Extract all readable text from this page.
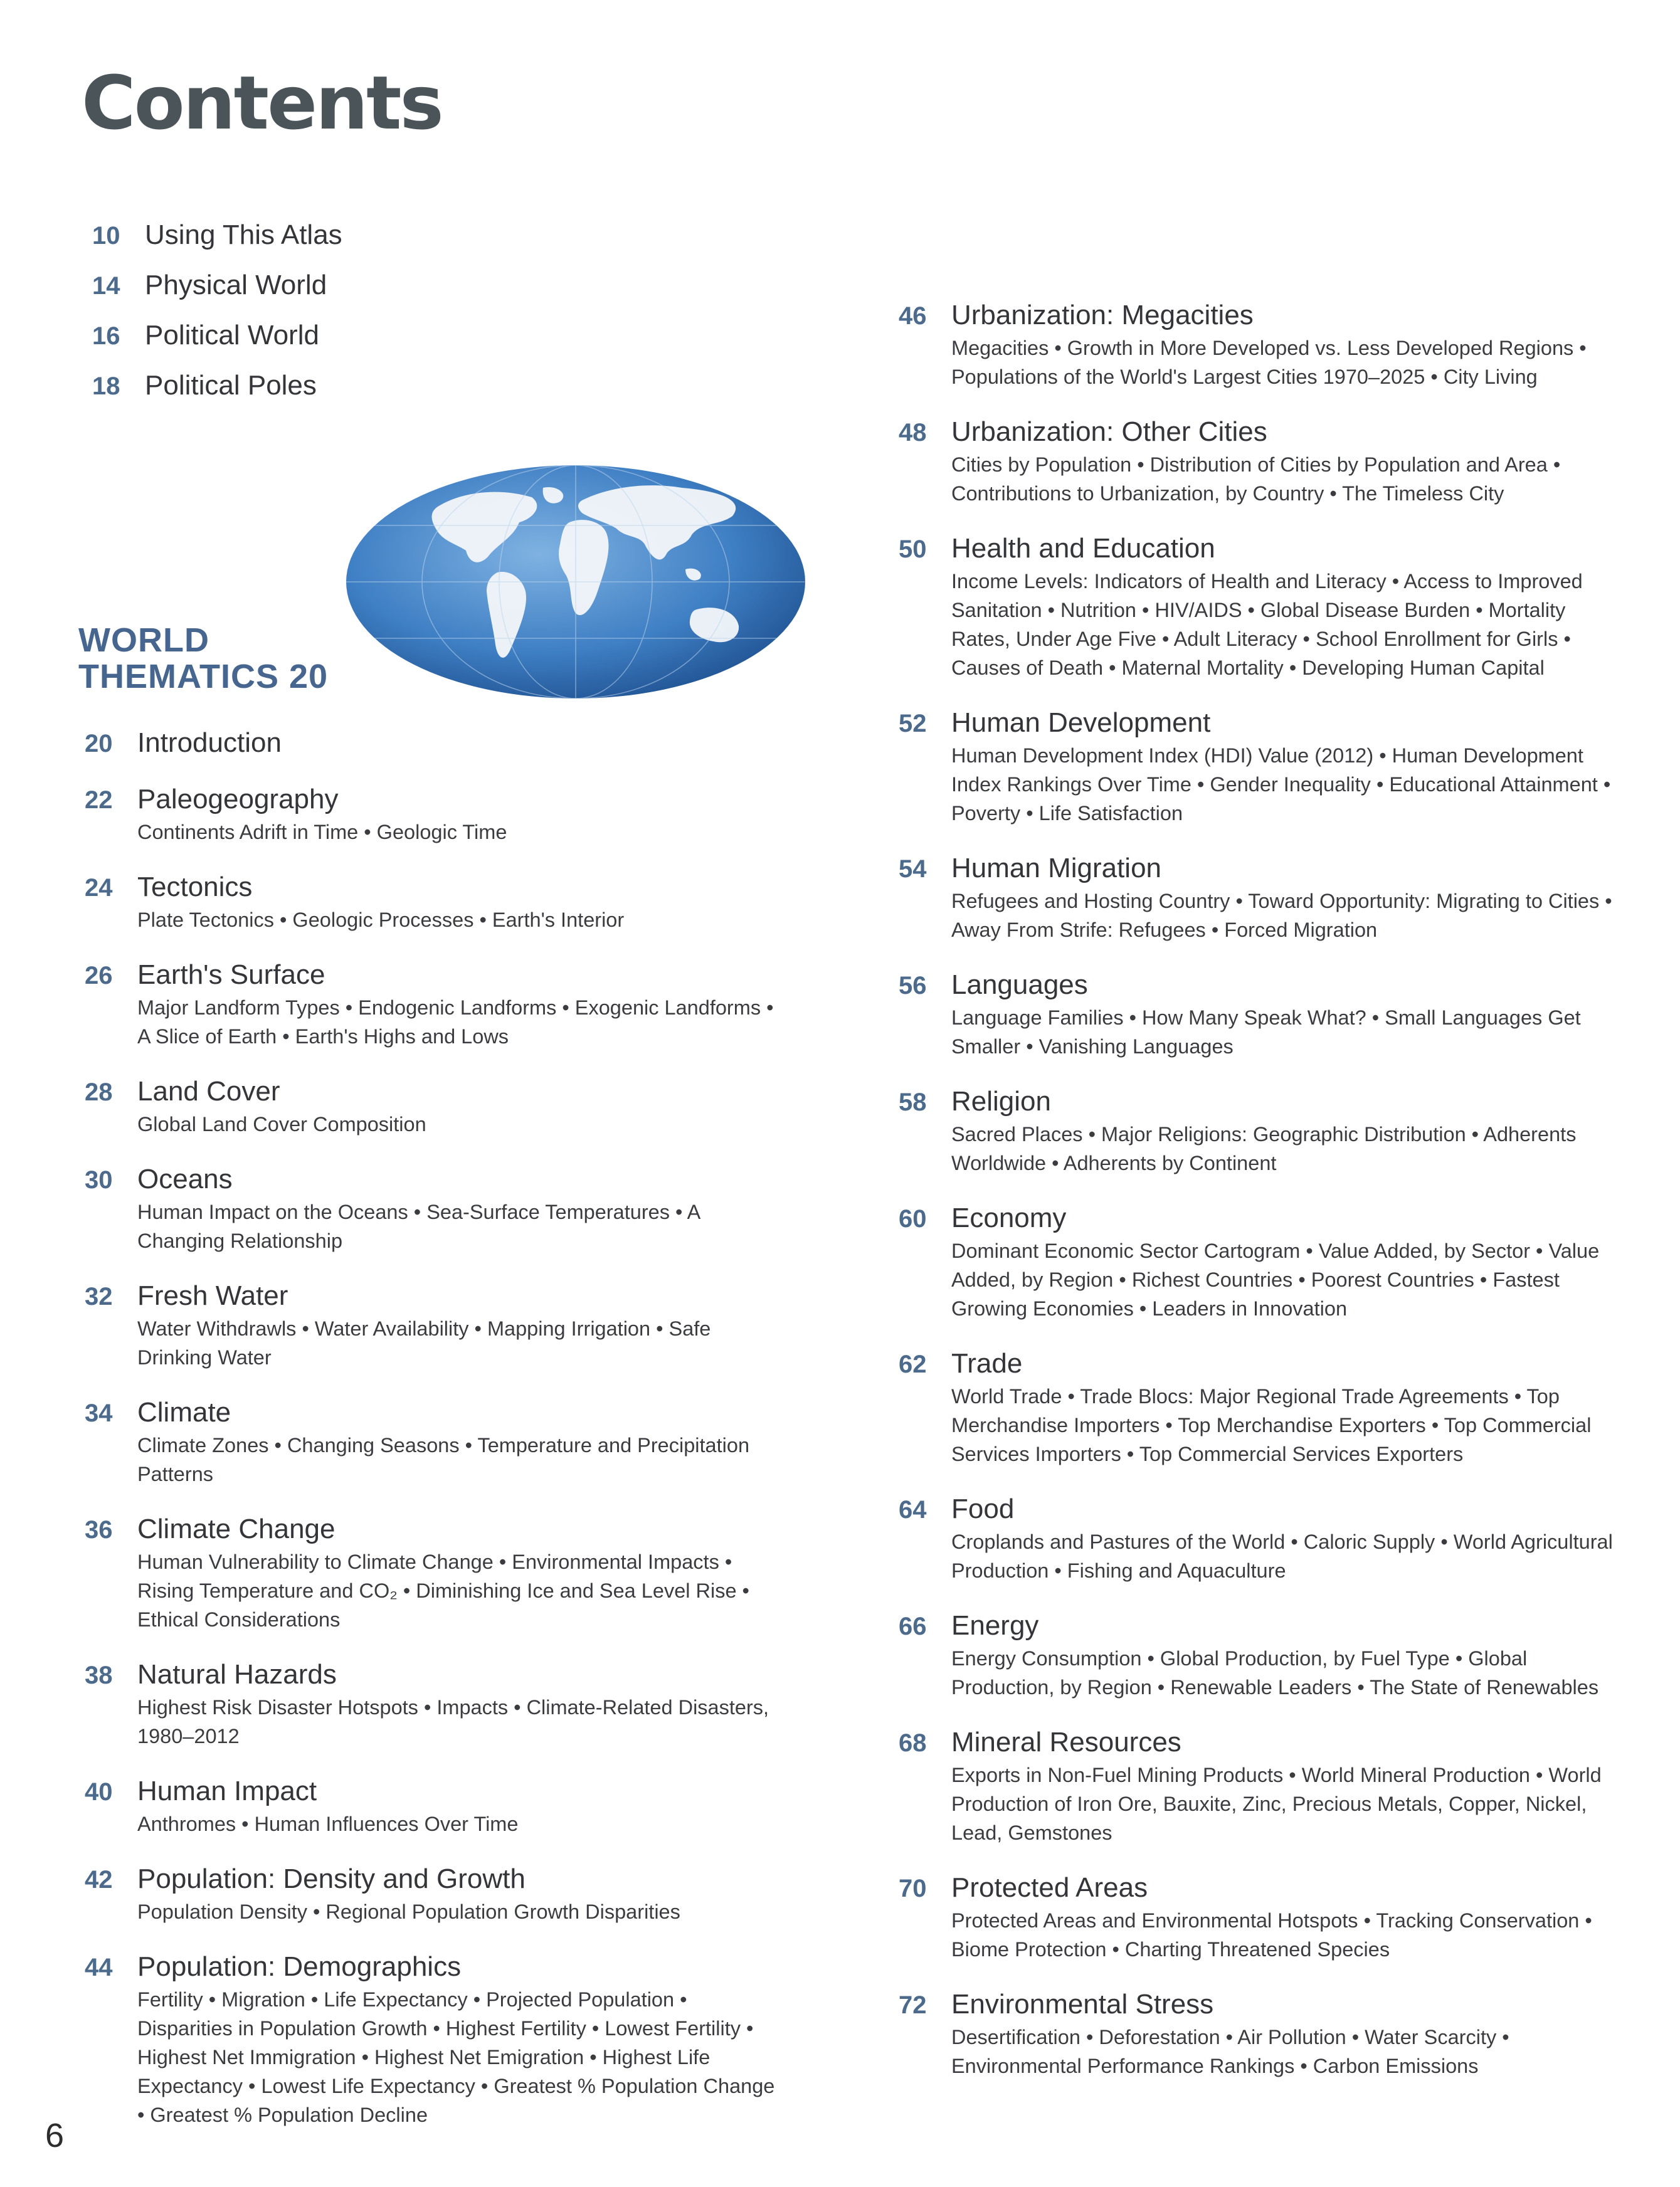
Contents
10 Using This Atlas
14 Physical World
16 Political World
18 Political Poles
WORLD
THEMATICS 20
20 Introduction
22 Paleogeography
Continents Adrift in Time • Geologic Time
24 Tectonics
Plate Tectonics • Geologic Processes • Earth's Interior
26 Earth's Surface
Major Landform Types • Endogenic Landforms • Exogenic Landforms • A Slice of Earth • Earth's Highs and Lows
28 Land Cover
Global Land Cover Composition
30 Oceans
Human Impact on the Oceans • Sea-Surface Temperatures • A Changing Relationship
32 Fresh Water
Water Withdrawls • Water Availability • Mapping Irrigation • Safe Drinking Water
34 Climate
Climate Zones • Changing Seasons • Temperature and Precipitation Patterns
36 Climate Change
Human Vulnerability to Climate Change • Environmental Impacts • Rising Temperature and CO₂ • Diminishing Ice and Sea Level Rise • Ethical Considerations
38 Natural Hazards
Highest Risk Disaster Hotspots • Impacts • Climate-Related Disasters, 1980–2012
40 Human Impact
Anthromes • Human Influences Over Time
42 Population: Density and Growth
Population Density • Regional Population Growth Disparities
44 Population: Demographics
Fertility • Migration • Life Expectancy • Projected Population • Disparities in Population Growth • Highest Fertility • Lowest Fertility • Highest Net Immigration • Highest Net Emigration • Highest Life Expectancy • Lowest Life Expectancy • Greatest % Population Change • Greatest % Population Decline
46 Urbanization: Megacities
Megacities • Growth in More Developed vs. Less Developed Regions • Populations of the World's Largest Cities 1970–2025 • City Living
48 Urbanization: Other Cities
Cities by Population • Distribution of Cities by Population and Area • Contributions to Urbanization, by Country • The Timeless City
50 Health and Education
Income Levels: Indicators of Health and Literacy • Access to Improved Sanitation • Nutrition • HIV/AIDS • Global Disease Burden • Mortality Rates, Under Age Five • Adult Literacy • School Enrollment for Girls • Causes of Death • Maternal Mortality • Developing Human Capital
52 Human Development
Human Development Index (HDI) Value (2012) • Human Development Index Rankings Over Time • Gender Inequality • Educational Attainment • Poverty • Life Satisfaction
54 Human Migration
Refugees and Hosting Country • Toward Opportunity: Migrating to Cities • Away From Strife: Refugees • Forced Migration
56 Languages
Language Families • How Many Speak What? • Small Languages Get Smaller • Vanishing Languages
58 Religion
Sacred Places • Major Religions: Geographic Distribution • Adherents Worldwide • Adherents by Continent
60 Economy
Dominant Economic Sector Cartogram • Value Added, by Sector • Value Added, by Region • Richest Countries • Poorest Countries • Fastest Growing Economies • Leaders in Innovation
62 Trade
World Trade • Trade Blocs: Major Regional Trade Agreements • Top Merchandise Importers • Top Merchandise Exporters • Top Commercial Services Importers • Top Commercial Services Exporters
64 Food
Croplands and Pastures of the World • Caloric Supply • World Agricultural Production • Fishing and Aquaculture
66 Energy
Energy Consumption • Global Production, by Fuel Type • Global Production, by Region • Renewable Leaders • The State of Renewables
68 Mineral Resources
Exports in Non-Fuel Mining Products • World Mineral Production • World Production of Iron Ore, Bauxite, Zinc, Precious Metals, Copper, Nickel, Lead, Gemstones
70 Protected Areas
Protected Areas and Environmental Hotspots • Tracking Conservation • Biome Protection • Charting Threatened Species
72 Environmental Stress
Desertification • Deforestation • Air Pollution • Water Scarcity • Environmental Performance Rankings • Carbon Emissions
6
